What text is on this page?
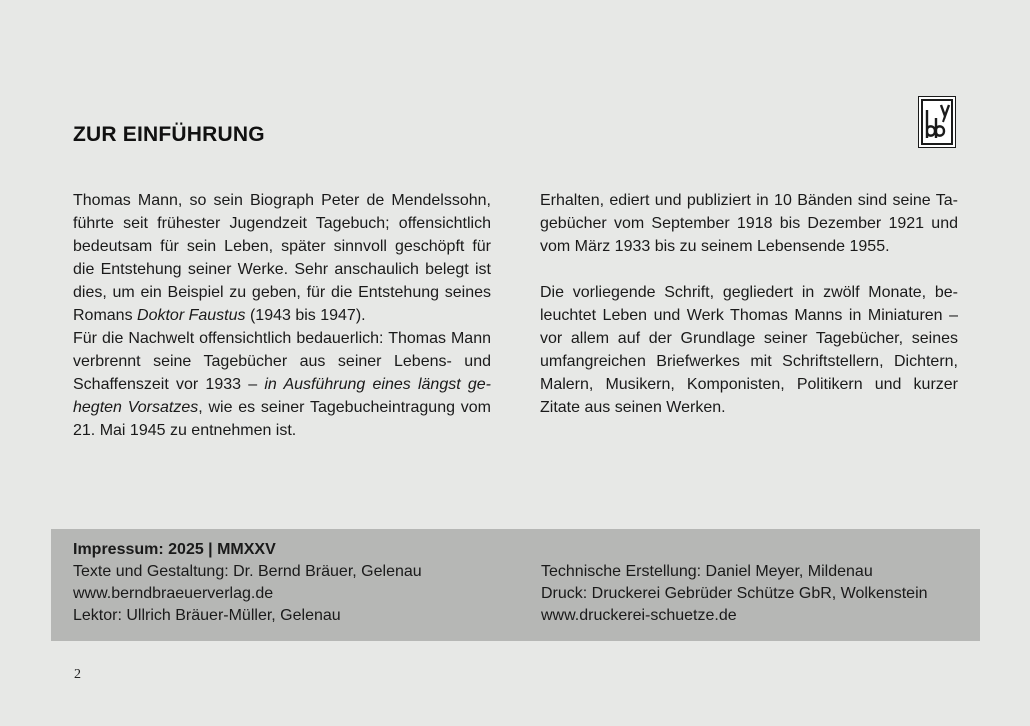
ZUR EINFÜHRUNG

Thomas Mann, so sein Biograph Peter de Mendelssohn, führte seit frühester Jugendzeit Tagebuch; offensichtlich bedeutsam für sein Leben, später sinnvoll geschöpft für die Entstehung seiner Werke. Sehr anschaulich belegt ist dies, um ein Beispiel zu geben, für die Entstehung seines Romans Doktor Faustus (1943 bis 1947).

Für die Nachwelt offensichtlich bedauerlich: Thomas Mann verbrennt seine Tagebücher aus seiner Lebens- und Schaffenszeit vor 1933 – in Ausführung eines längst gehegten Vorsatzes, wie es seiner Tagebucheintragung vom 21. Mai 1945 zu entnehmen ist.

Erhalten, ediert und publiziert in 10 Bänden sind seine Tagebücher vom September 1918 bis Dezember 1921 und vom März 1933 bis zu seinem Lebensende 1955.

Die vorliegende Schrift, gegliedert in zwölf Monate, beleuchtet Leben und Werk Thomas Manns in Miniaturen – vor allem auf der Grundlage seiner Tagebücher, seines umfangreichen Briefwerkes mit Schriftstellern, Dichtern, Malern, Musikern, Komponisten, Politikern und kurzer Zitate aus seinen Werken.

Impressum: 2025 | MMXXV
Texte und Gestaltung: Dr. Bernd Bräuer, Gelenau
www.berndbraeuerverlag.de
Lektor: Ullrich Bräuer-Müller, Gelenau
Technische Erstellung: Daniel Meyer, Mildenau
Druck: Druckerei Gebrüder Schütze GbR, Wolkenstein
www.druckerei-schuetze.de
2
